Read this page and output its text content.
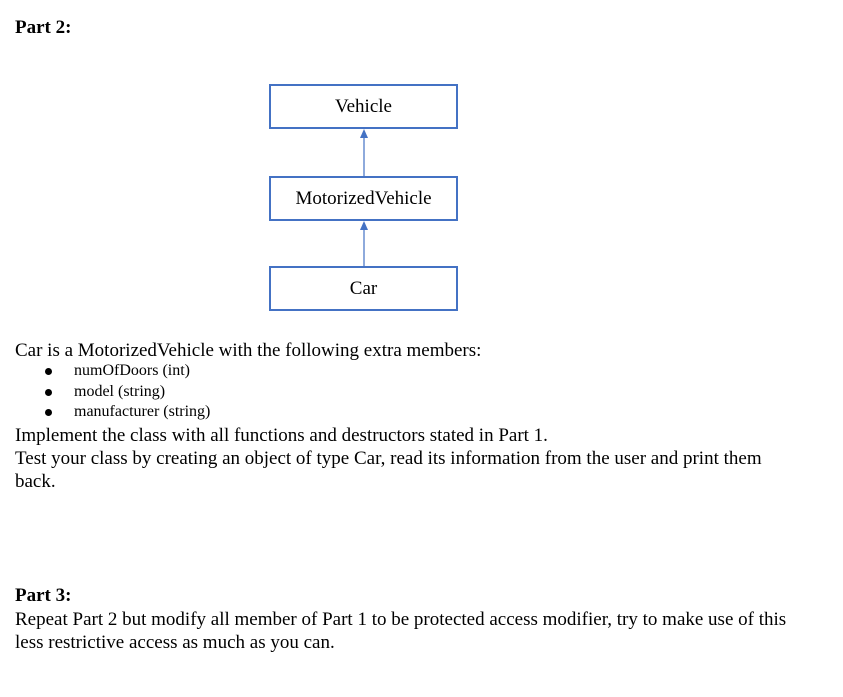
Part 2:

Vehicle
MotorizedVehicle
Car

Car is a MotorizedVehicle with the following extra members:

numOfDoors (int)
model (string)
manufacturer (string)

Implement the class with all functions and destructors stated in Part 1.

Test your class by creating an object of type Car, read its information from the user and print them back.

Part 3:

Repeat Part 2 but modify all member of Part 1 to be protected access modifier, try to make use of this less restrictive access as much as you can.
